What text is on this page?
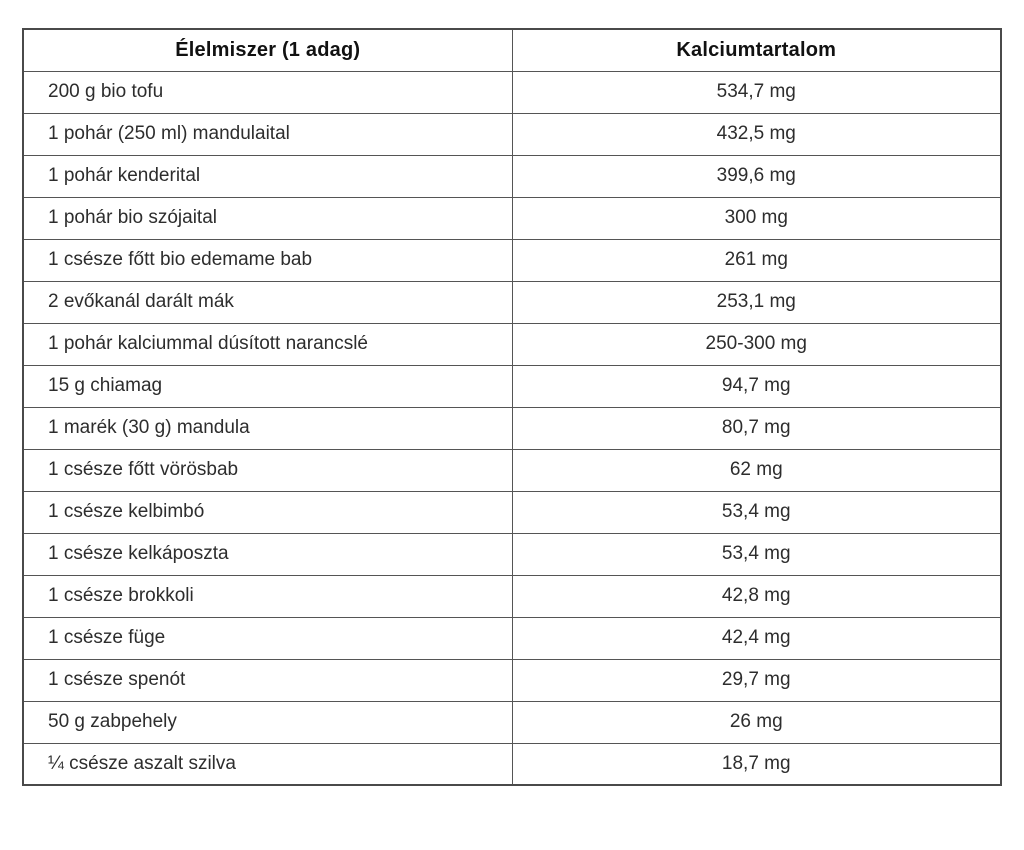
Élelmiszer (1 adag)	Kalciumtartalom
200 g bio tofu	534,7 mg
1 pohár (250 ml) mandulaital	432,5 mg
1 pohár kenderital	399,6 mg
1 pohár bio szójaital	300 mg
1 csésze főtt bio edemame bab	261 mg
2 evőkanál darált mák	253,1 mg
1 pohár kalciummal dúsított narancslé	250-300 mg
15 g chiamag	94,7 mg
1 marék (30 g) mandula	80,7 mg
1 csésze főtt vörösbab	62 mg
1 csésze kelbimbó	53,4 mg
1 csésze kelkáposzta	53,4 mg
1 csésze brokkoli	42,8 mg
1 csésze füge	42,4 mg
1 csésze spenót	29,7 mg
50 g zabpehely	26 mg
¼ csésze aszalt szilva	18,7 mg
